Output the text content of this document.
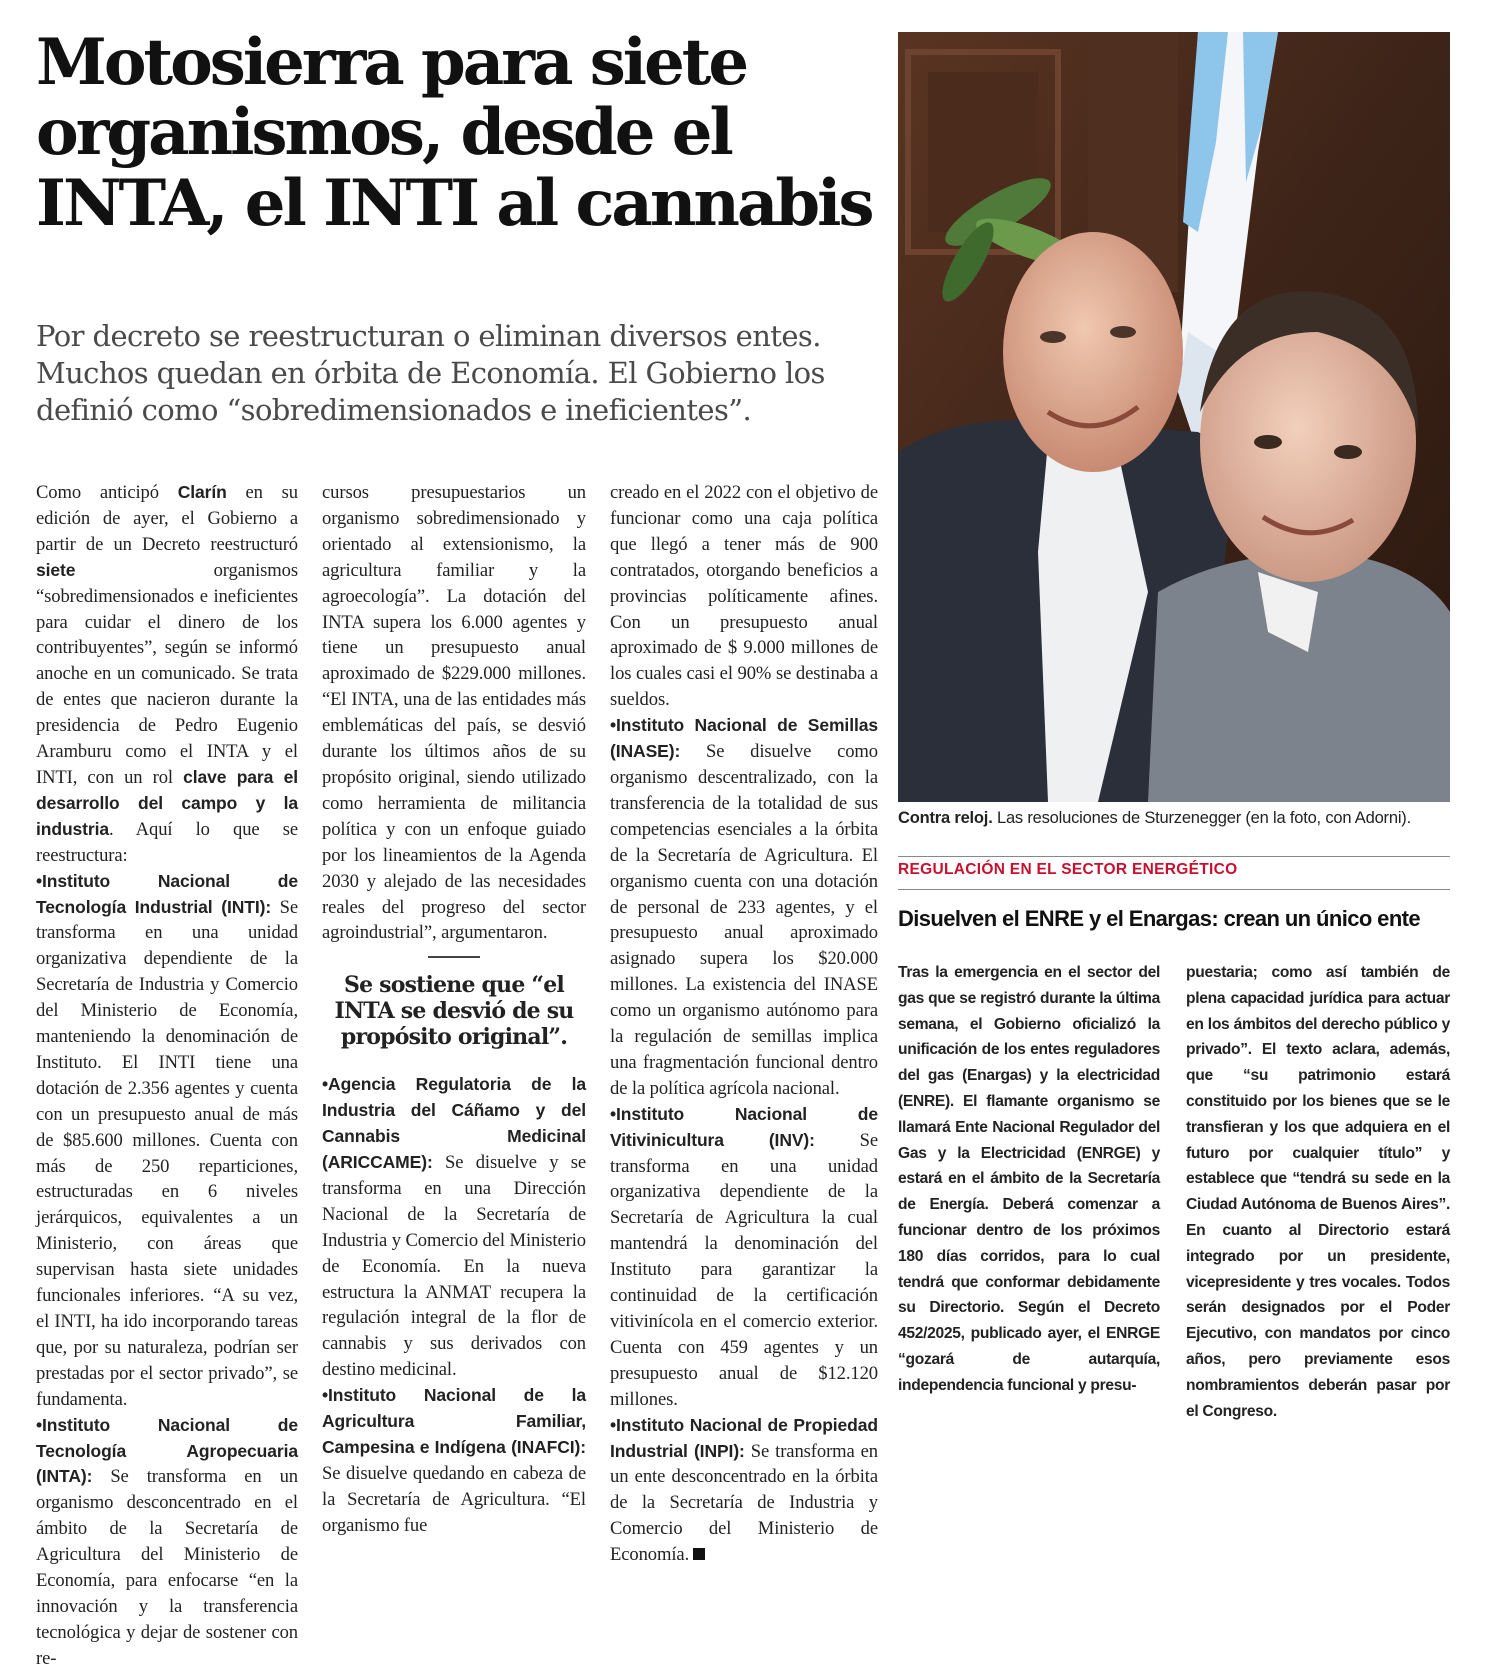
Motosierra para siete
organismos, desde el
INTA, el INTI al cannabis

Por decreto se reestructuran o eliminan diversos entes.
Muchos quedan en órbita de Economía. El Gobierno los
definió como “sobredimensionados e ineficientes”.

Como anticipó Clarín en su edición de ayer, el Gobierno a partir de un Decreto reestructuró siete organismos “sobredimensionados e ineficientes para cuidar el dinero de los contribuyentes”, según se informó anoche en un comunicado. Se trata de entes que nacieron durante la presidencia de Pedro Eugenio Aramburu como el INTA y el INTI, con un rol clave para el desarrollo del campo y la industria. Aquí lo que se reestructura:

•Instituto Nacional de Tecnología Industrial (INTI): Se transforma en una unidad organizativa dependiente de la Secretaría de Industria y Comercio del Ministerio de Economía, manteniendo la denominación de Instituto. El INTI tiene una dotación de 2.356 agentes y cuenta con un presupuesto anual de más de $85.600 millones. Cuenta con más de 250 reparticiones, estructuradas en 6 niveles jerárquicos, equivalentes a un Ministerio, con áreas que supervisan hasta siete unidades funcionales inferiores. “A su vez, el INTI, ha ido incorporando tareas que, por su naturaleza, podrían ser prestadas por el sector privado”, se fundamenta.

•Instituto Nacional de Tecnología Agropecuaria (INTA): Se transforma en un organismo desconcentrado en el ámbito de la Secretaría de Agricultura del Ministerio de Economía, para enfocarse “en la innovación y la transferencia tecnológica y dejar de sostener con re-

cursos presupuestarios un organismo sobredimensionado y orientado al extensionismo, la agricultura familiar y la agroecología”. La dotación del INTA supera los 6.000 agentes y tiene un presupuesto anual aproximado de $229.000 millones. “El INTA, una de las entidades más emblemáticas del país, se desvió durante los últimos años de su propósito original, siendo utilizado como herramienta de militancia política y con un enfoque guiado por los lineamientos de la Agenda 2030 y alejado de las necesidades reales del progreso del sector agroindustrial”, argumentaron.

Se sostiene que “el INTA se desvió de su propósito original”.

•Agencia Regulatoria de la Industria del Cáñamo y del Cannabis Medicinal (ARICCAME): Se disuelve y se transforma en una Dirección Nacional de la Secretaría de Industria y Comercio del Ministerio de Economía. En la nueva estructura la ANMAT recupera la regulación integral de la flor de cannabis y sus derivados con destino medicinal.

•Instituto Nacional de la Agricultura Familiar, Campesina e Indígena (INAFCI): Se disuelve quedando en cabeza de la Secretaría de Agricultura. “El organismo fue

creado en el 2022 con el objetivo de funcionar como una caja política que llegó a tener más de 900 contratados, otorgando beneficios a provincias políticamente afines. Con un presupuesto anual aproximado de $ 9.000 millones de los cuales casi el 90% se destinaba a sueldos.

•Instituto Nacional de Semillas (INASE): Se disuelve como organismo descentralizado, con la transferencia de la totalidad de sus competencias esenciales a la órbita de la Secretaría de Agricultura. El organismo cuenta con una dotación de personal de 233 agentes, y el presupuesto anual aproximado asignado supera los $20.000 millones. La existencia del INASE como un organismo autónomo para la regulación de semillas implica una fragmentación funcional dentro de la política agrícola nacional.

•Instituto Nacional de Vitivinicultura (INV): Se transforma en una unidad organizativa dependiente de la Secretaría de Agricultura la cual mantendrá la denominación del Instituto para garantizar la continuidad de la certificación vitivinícola en el comercio exterior. Cuenta con 459 agentes y un presupuesto anual de $12.120 millones.

•Instituto Nacional de Propiedad Industrial (INPI): Se transforma en un ente desconcentrado en la órbita de la Secretaría de Industria y Comercio del Ministerio de Economía.

Contra reloj. Las resoluciones de Sturzenegger (en la foto, con Adorni).

REGULACIÓN EN EL SECTOR ENERGÉTICO

Disuelven el ENRE y el Enargas: crean un único ente

Tras la emergencia en el sector del gas que se registró durante la última semana, el Gobierno oficializó la unificación de los entes reguladores del gas (Enargas) y la electricidad (ENRE). El flamante organismo se llamará Ente Nacional Regulador del Gas y la Electricidad (ENRGE) y estará en el ámbito de la Secretaría de Energía. Deberá comenzar a funcionar dentro de los próximos 180 días corridos, para lo cual tendrá que conformar debidamente su Directorio. Según el Decreto 452/2025, publicado ayer, el ENRGE “gozará de autarquía, independencia funcional y presu-

puestaria; como así también de plena capacidad jurídica para actuar en los ámbitos del derecho público y privado”. El texto aclara, además, que “su patrimonio estará constituido por los bienes que se le transfieran y los que adquiera en el futuro por cualquier título” y establece que “tendrá su sede en la Ciudad Autónoma de Buenos Aires”. En cuanto al Directorio estará integrado por un presidente, vicepresidente y tres vocales. Todos serán designados por el Poder Ejecutivo, con mandatos por cinco años, pero previamente esos nombramientos deberán pasar por el Congreso.
